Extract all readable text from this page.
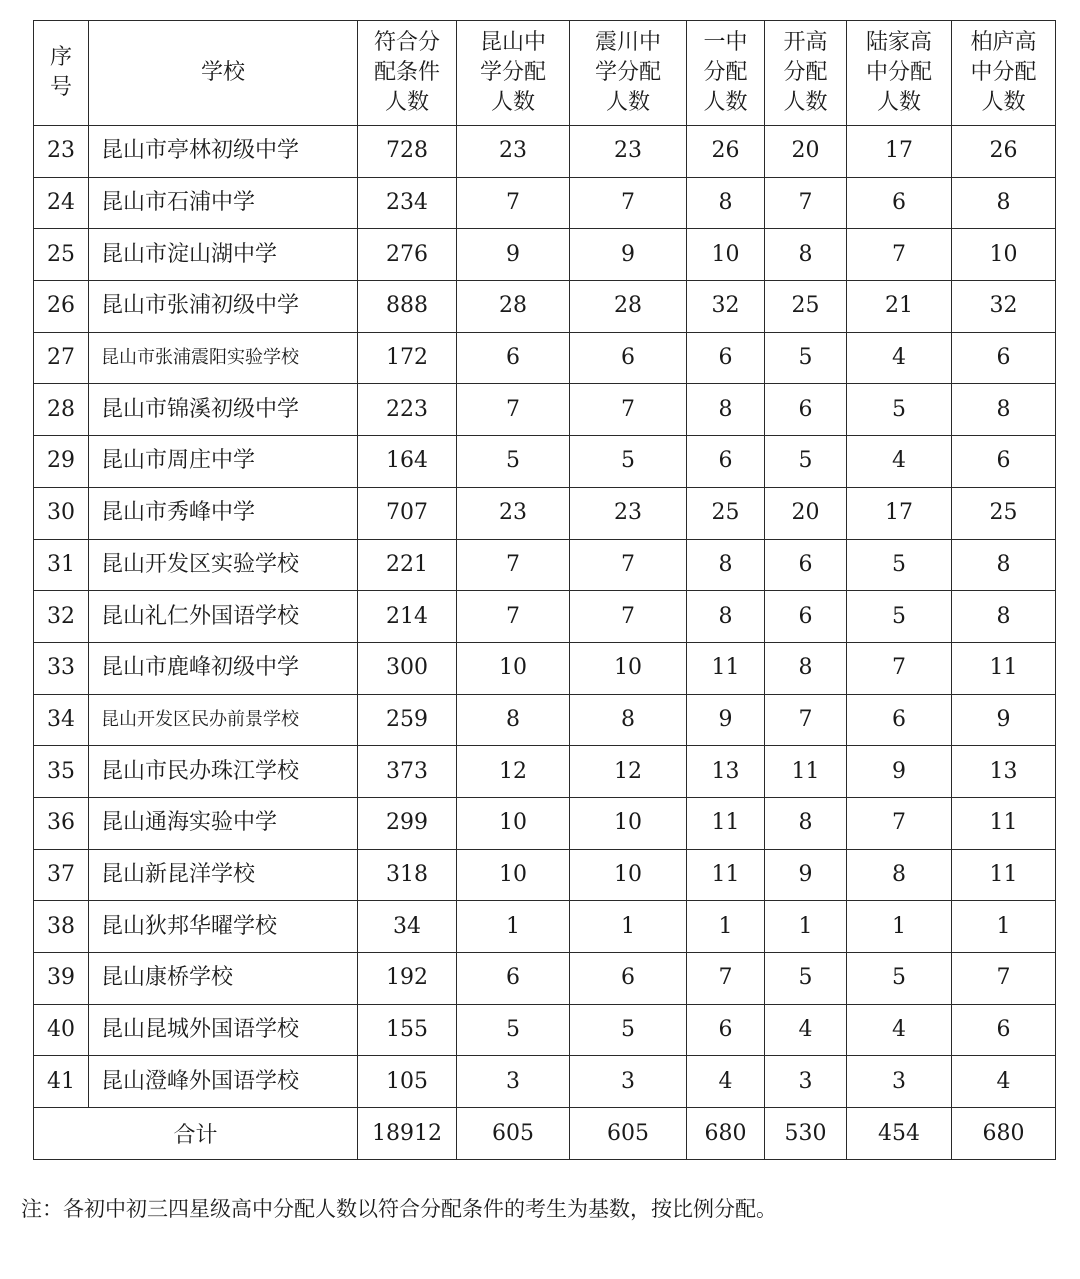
序
号	学校	符合分
配条件
人数	昆山中
学分配
人数	震川中
学分配
人数	一中
分配
人数	开高
分配
人数	陆家高
中分配
人数	柏庐高
中分配
人数

23	昆山市亭林初级中学	728	23	23	26	20	17	26
24	昆山市石浦中学	234	7	7	8	7	6	8
25	昆山市淀山湖中学	276	9	9	10	8	7	10
26	昆山市张浦初级中学	888	28	28	32	25	21	32
27	昆山市张浦震阳实验学校	172	6	6	6	5	4	6
28	昆山市锦溪初级中学	223	7	7	8	6	5	8
29	昆山市周庄中学	164	5	5	6	5	4	6
30	昆山市秀峰中学	707	23	23	25	20	17	25
31	昆山开发区实验学校	221	7	7	8	6	5	8
32	昆山礼仁外国语学校	214	7	7	8	6	5	8
33	昆山市鹿峰初级中学	300	10	10	11	8	7	11
34	昆山开发区民办前景学校	259	8	8	9	7	6	9
35	昆山市民办珠江学校	373	12	12	13	11	9	13
36	昆山通海实验中学	299	10	10	11	8	7	11
37	昆山新昆洋学校	318	10	10	11	9	8	11
38	昆山狄邦华曜学校	34	1	1	1	1	1	1
39	昆山康桥学校	192	6	6	7	5	5	7
40	昆山昆城外国语学校	155	5	5	6	4	4	6
41	昆山澄峰外国语学校	105	3	3	4	3	3	4
合计		18912	605	605	680	530	454	680
注：各初中初三四星级高中分配人数以符合分配条件的考生为基数，按比例分配。
